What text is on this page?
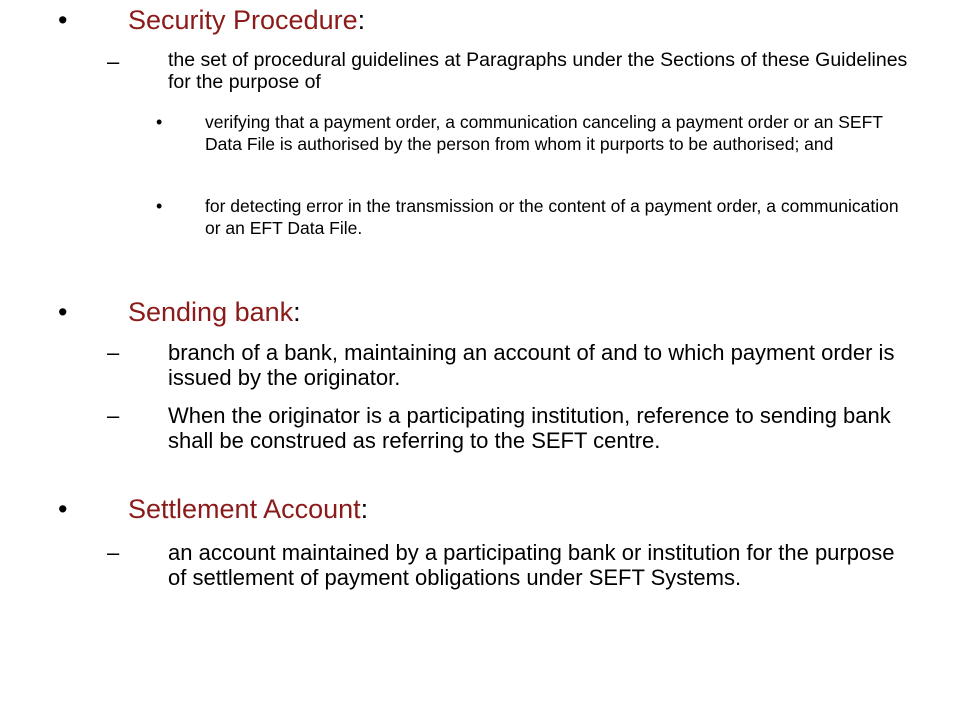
• Security Procedure:
–	the set of procedural guidelines at Paragraphs under the Sections of these Guidelines for the purpose of
• verifying that a payment order, a communication canceling a payment order or an SEFT Data File is authorised by the person from whom it purports to be authorised; and
• for detecting error in the transmission or the content of a payment order, a communication or an EFT Data File.
• Sending bank:
– branch of a bank, maintaining an account of and to which payment order is issued by the originator.
– When the originator is a participating institution, reference to sending bank shall be construed as referring to the SEFT centre.
• Settlement Account:
– an account maintained by a participating bank or institution for the purpose of settlement of payment obligations under SEFT Systems.
